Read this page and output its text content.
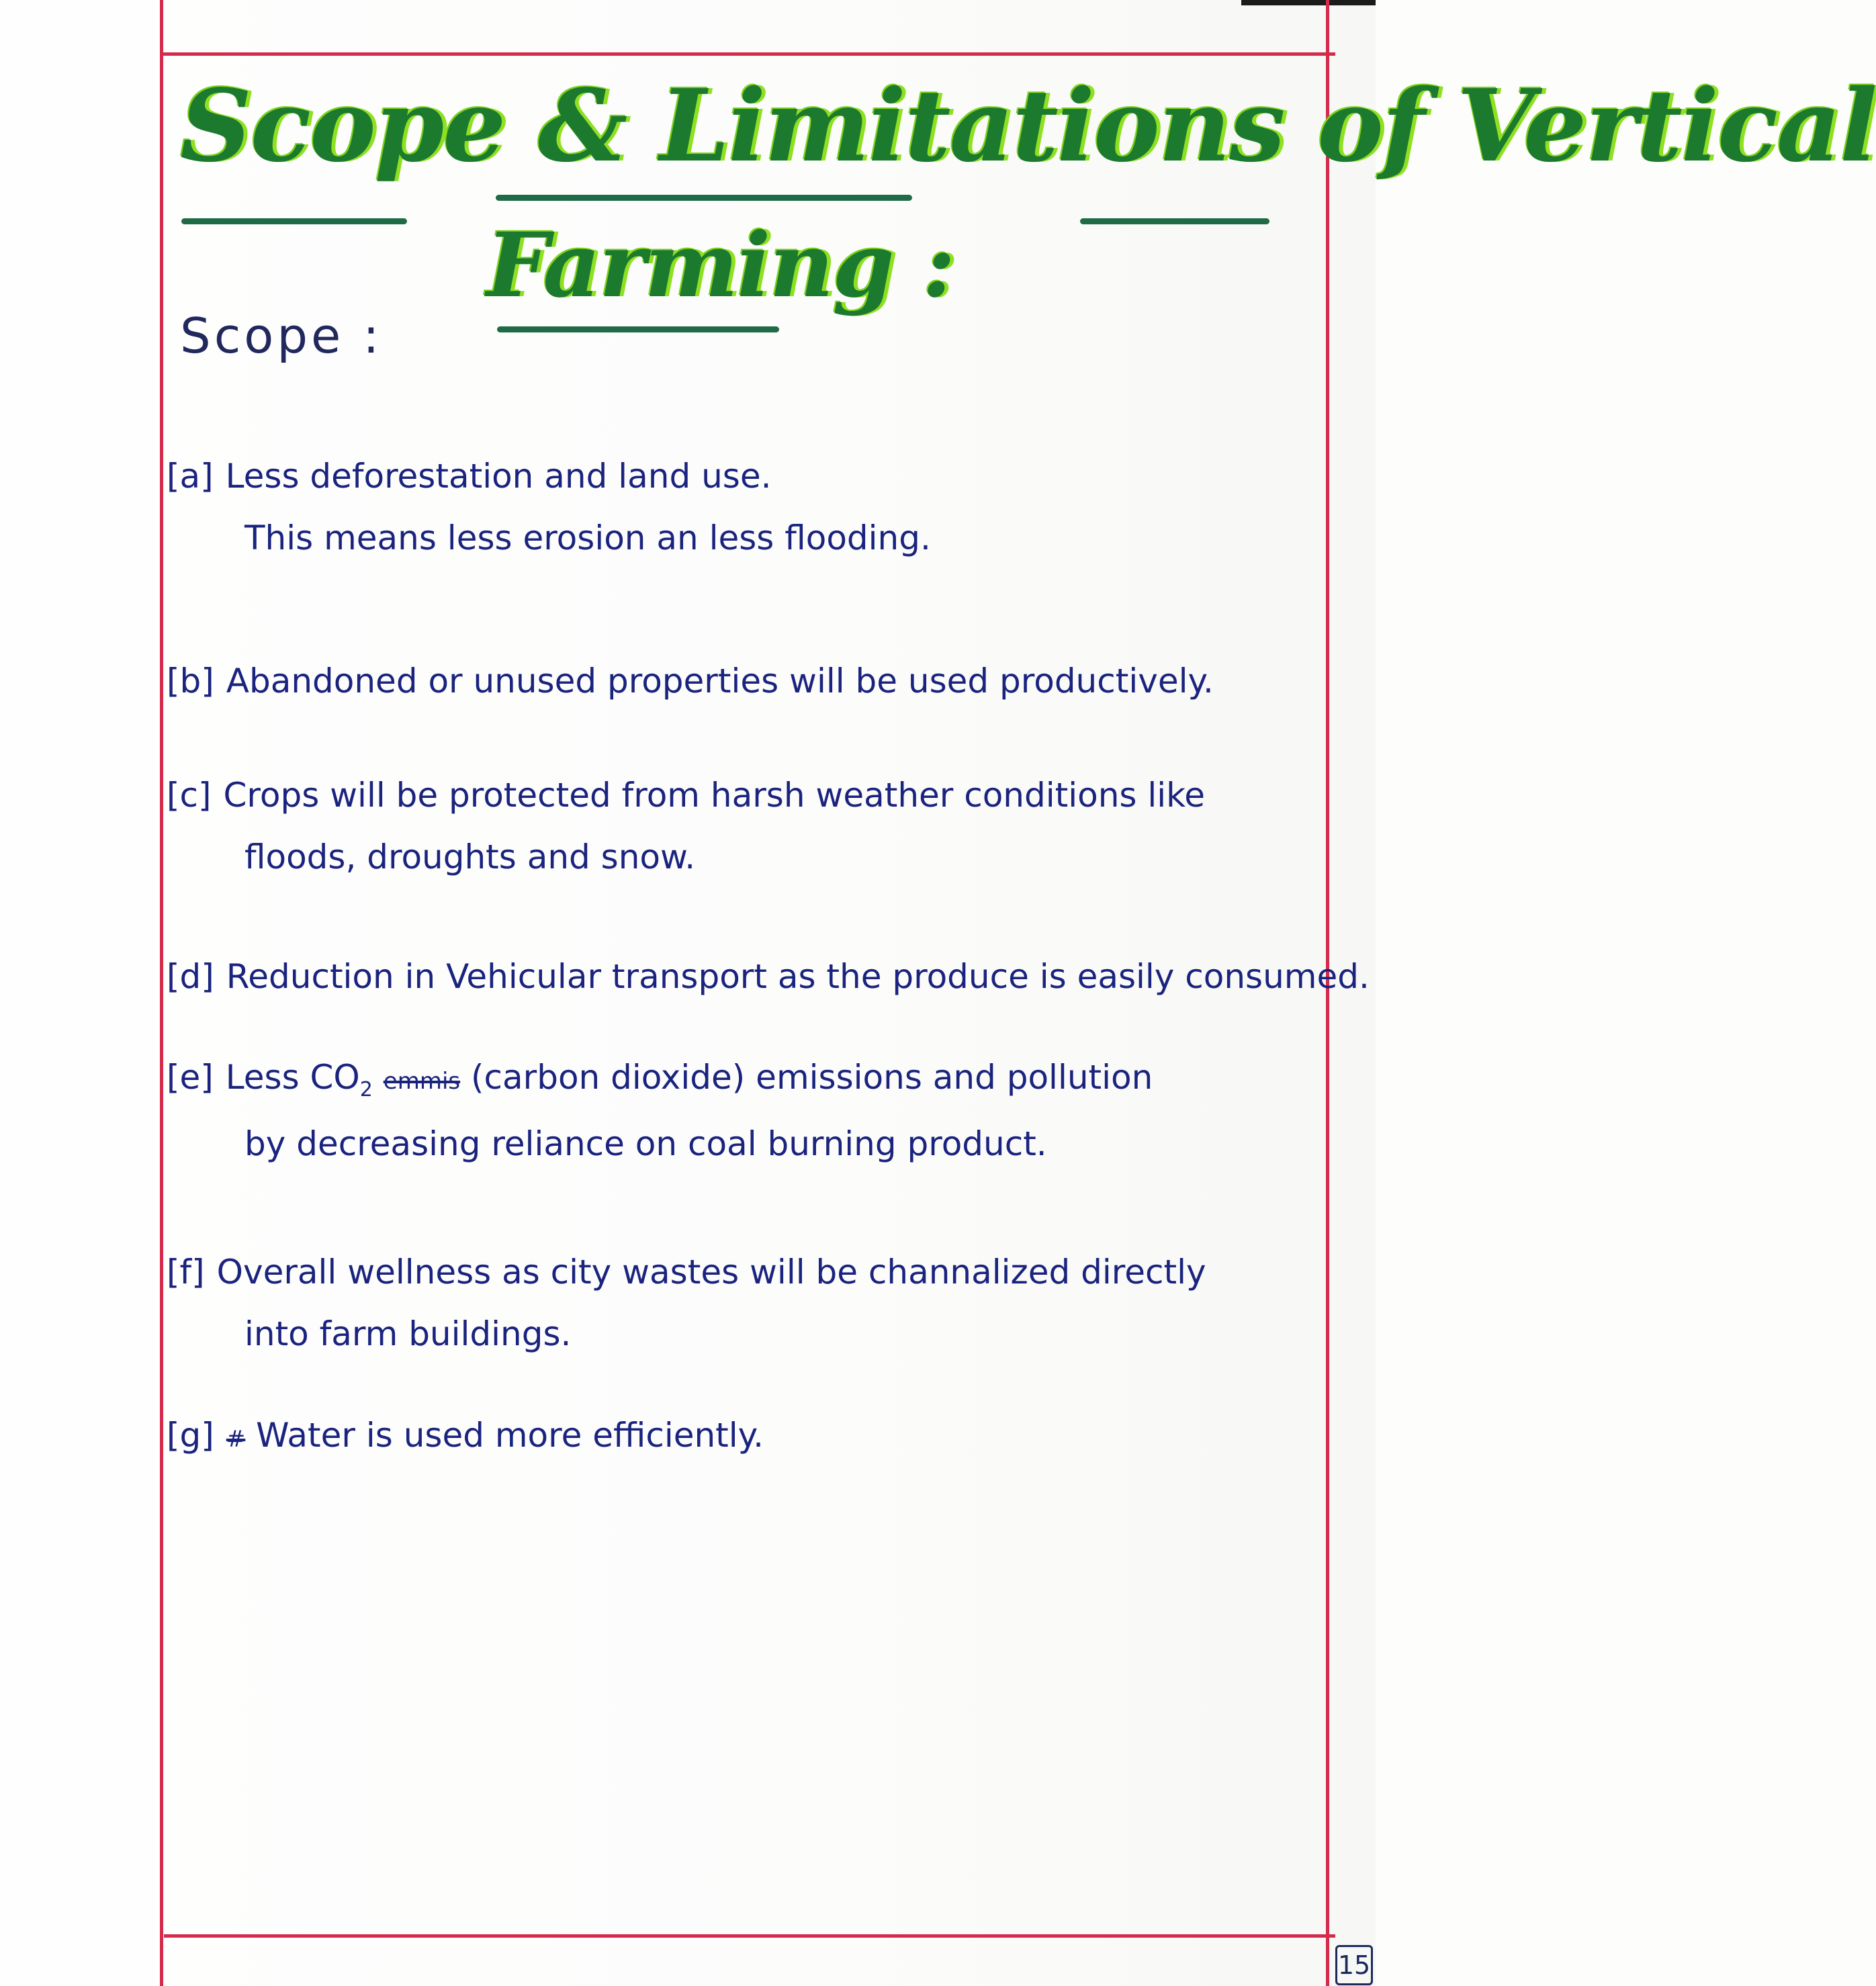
Scope & Limitations of Vertical
Farming :
Scope :
[a] Less deforestation and land use.
This means less erosion an less flooding.
[b] Abandoned or unused properties will be used productively.
[c] Crops will be protected from harsh weather conditions like
floods, droughts and snow.
[d] Reduction in Vehicular transport as the produce is easily consumed.
[e] Less $CO_2$ emmis (carbon dioxide) emissions and pollution
by decreasing reliance on coal burning product.
[f] Overall wellness as city wastes will be channalized directly
into farm buildings.
[g] # Water is used more efficiently.
15
